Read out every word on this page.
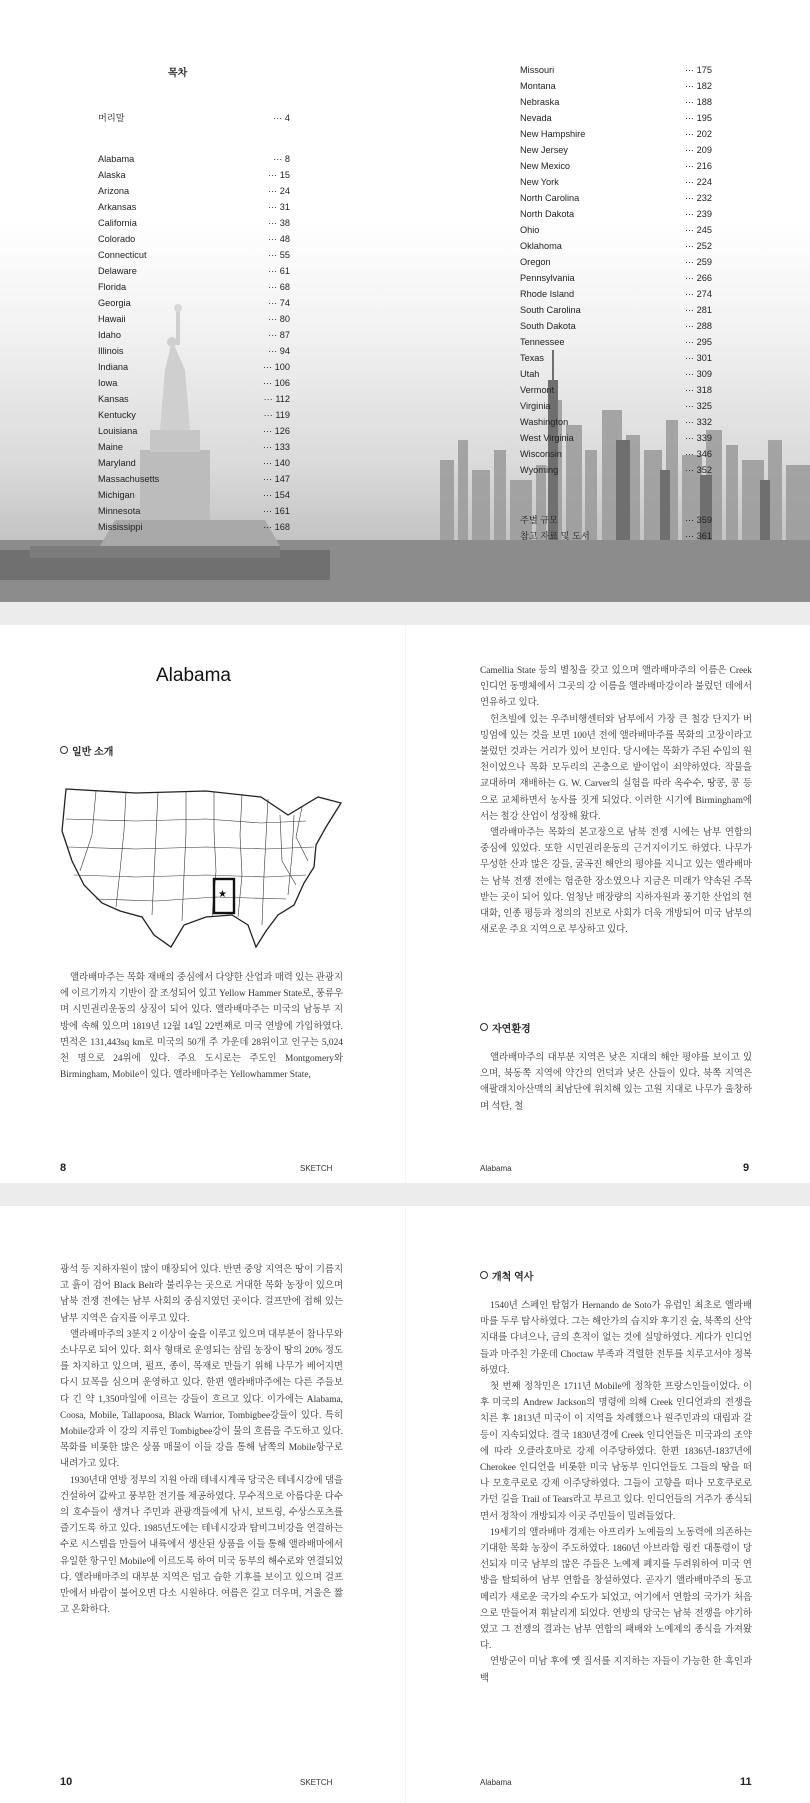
목차
머리말	··· 4
Alabama	··· 8
Alaska	··· 15
Arizona	··· 24
Arkansas	··· 31
California	··· 38
Colorado	··· 48
Connecticut	··· 55
Delaware	··· 61
Florida	··· 68
Georgia	··· 74
Hawaii	··· 80
Idaho	··· 87
Illinois	··· 94
Indiana	··· 100
Iowa	··· 106
Kansas	··· 112
Kentucky	··· 119
Louisiana	··· 126
Maine	··· 133
Maryland	··· 140
Massachusetts	··· 147
Michigan	··· 154
Minnesota	··· 161
Mississippi	··· 168
Missouri	··· 175
Montana	··· 182
Nebraska	··· 188
Nevada	··· 195
New Hampshire	··· 202
New Jersey	··· 209
New Mexico	··· 216
New York	··· 224
North Carolina	··· 232
North Dakota	··· 239
Ohio	··· 245
Oklahoma	··· 252
Oregon	··· 259
Pennsylvania	··· 266
Rhode Island	··· 274
South Carolina	··· 281
South Dakota	··· 288
Tennessee	··· 295
Texas	··· 301
Utah	··· 309
Vermont	··· 318
Virginia	··· 325
Washington	··· 332
West Virginia	··· 339
Wisconsin	··· 346
Wyoming	··· 352
주별 규모	··· 359
참고 자료 및 도서	··· 361
Alabama
일반 소개
★

앨라배마주는 목화 재배의 중심에서 다양한 산업과 매력 있는 관광지에 이르기까지 기반이 잘 조성되어 있고 Yellow Hammer State로, 풍류우며 시민권리운동의 상징이 되어 있다. 앨라배마주는 미국의 남동부 지방에 속해 있으며 1819년 12월 14일 22번째로 미국 연방에 가입하였다. 면적은 131,443sq km로 미국의 50개 주 가운데 28위이고 인구는 5,024천 명으로 24위에 있다. 주요 도시로는 주도인 Montgomery와 Birmingham, Mobile이 있다. 앨라배마주는 Yellowhammer State,

Camellia State 등의 별칭을 갖고 있으며 앨라배마주의 이름은 Creek 인디언 동맹체에서 그곳의 강 이름을 앨라배마강이라 불렀던 데에서 연유하고 있다.

헌츠빌에 있는 우주비행센터와 남부에서 가장 큰 철강 단지가 버밍엄에 있는 것을 보면 100년 전에 앨라배마주를 목화의 고장이라고 불렀던 것과는 거리가 있어 보인다. 당시에는 목화가 주된 수입의 원천이었으나 목화 모두리의 곤충으로 밭이업이 쇠약하였다. 작물을 교대하며 재배하는 G. W. Carver의 실험을 따라 옥수수, 땅콩, 콩 등으로 교체하면서 농사를 짓게 되었다. 이러한 시기에 Birmingham에서는 철강 산업이 성장해 왔다.

앨라배마주는 목화의 본고장으로 남북 전쟁 시에는 남부 연합의 중심에 있었다. 또한 시민권리운동의 근거지이기도 하였다. 나무가 무성한 산과 많은 강들, 굴곡진 해안의 평야를 지니고 있는 앨라배마는 남북 전쟁 전에는 험준한 장소였으나 지금은 미래가 약속된 주목받는 곳이 되어 있다. 엄청난 매장량의 지하자원과 풍기한 산업의 현대화, 인종 평등과 정의의 진보로 사회가 더욱 개방되어 미국 남부의 새로운 주요 지역으로 부상하고 있다.

자연환경

앨라배마주의 대부분 지역은 낮은 지대의 해안 평야를 보이고 있으며, 북동쪽 지역에 약간의 언덕과 낮은 산들이 있다. 북쪽 지역은 애팔래치아산맥의 최남단에 위치해 있는 고원 지대로 나무가 울창하며 석탄, 철

8	SKETCH	Alabama	9

광석 등 지하자원이 많이 매장되어 있다. 반면 중앙 지역은 땅이 기름지고 흙이 검어 Black Belt라 불리우는 곳으로 거대한 목화 농장이 있으며 남북 전쟁 전에는 남부 사회의 중심지였던 곳이다. 걸프만에 접해 있는 남부 지역은 습지를 이루고 있다.

앨라배마주의 3분지 2 이상이 숲을 이루고 있으며 대부분이 참나무와 소나무로 되어 있다. 회사 형태로 운영되는 삼림 농장이 땅의 20% 정도를 차지하고 있으며, 펄프, 종이, 목재로 만들기 위해 나무가 베어지면 다시 묘목을 심으며 운영하고 있다. 한편 앨라배마주에는 다른 주들보다 긴 약 1,350마일에 이르는 강들이 흐르고 있다. 이가에는 Alabama, Coosa, Mobile, Tallapoosa, Black Warrior, Tombigbee강들이 있다. 특히 Mobile강과 이 강의 지류인 Tombigbee강이 물의 흐름을 주도하고 있다. 목화를 비롯한 많은 상품 매물이 이들 강을 통해 남쪽의 Mobile항구로 내려가고 있다.

1930년대 연방 정부의 지원 아래 테네시계곡 당국은 테네시강에 댐을 건설하여 값싸고 풍부한 전기를 제공하였다. 무수적으로 아름다운 다수의 호수들이 생겨나 주민과 관광객들에게 낚시, 보트링, 수상스포츠를 즐기도록 하고 있다. 1985년도에는 테네시강과 탐비그비강을 연결하는 수로 시스템을 만들어 내륙에서 생산된 상품을 이들 통해 앨라배마에서 유일한 항구인 Mobile에 이르도록 하여 미국 동부의 해수로와 연결되었다. 앨라배마주의 대부분 지역은 덥고 습한 기후를 보이고 있으며 걸프만에서 바람이 불어오면 다소 시원하다. 여름은 길고 더우며, 겨울은 짧고 온화하다.

개척 역사

1540년 스페인 탐험가 Hernando de Soto가 유럽인 최초로 앨라배마를 두루 탐사하였다. 그는 해안가의 습지와 후기진 숲, 북쪽의 산악 지대를 다녀으나, 금의 흔적이 없는 것에 실망하였다. 게다가 인디언들과 마주친 가운데 Choctaw 부족과 격렬한 전투를 치루고서야 정복하였다.

첫 번째 정착민은 1711년 Mobile에 정착한 프랑스인들이었다. 이후 미국의 Andrew Jackson의 명령에 의해 Creek 인디언과의 전쟁을 치른 후 1813년 미국이 이 지역을 차례했으나 원주민과의 대립과 갈등이 지속되었다. 결국 1830년경에 Creek 인디언들은 미국과의 조약에 따라 오클라호마로 강제 이주당하였다. 한편 1836년-1837년에 Cherokee 인디언을 비롯한 미국 남동부 인디언들도 그들의 땅을 떠나 모호쿠로로 강제 이주당하였다. 그들이 고향을 떠나 모호쿠로로 가던 길을 Trail of Tears라고 부르고 있다. 인디언들의 거주가 종식되면서 정착이 개방되자 이곳 주민들이 밀려들었다.

19세기의 앨라배마 경제는 아프리카 노예들의 노동력에 의존하는 기대한 목화 농장이 주도하였다. 1860년 아브라함 링컨 대통령이 당선되자 미국 남부의 많은 주들은 노예제 폐지를 두려워하여 미국 연방을 탈퇴하여 남부 연합을 창설하였다. 곧자기 앨라배마주의 동고메리가 새로운 국가의 수도가 되었고, 여기에서 연합의 국가가 처음으로 만들어져 휘날리게 되었다. 연방의 당국는 남북 전쟁을 야기하였고 그 전쟁의 결과는 남부 연합의 패배와 노예제의 종식을 가져왔다.

연방군이 미남 후에 옛 질서를 지지하는 자들이 가능한 한 흑인과 백

10	SKETCH	Alabama	11
